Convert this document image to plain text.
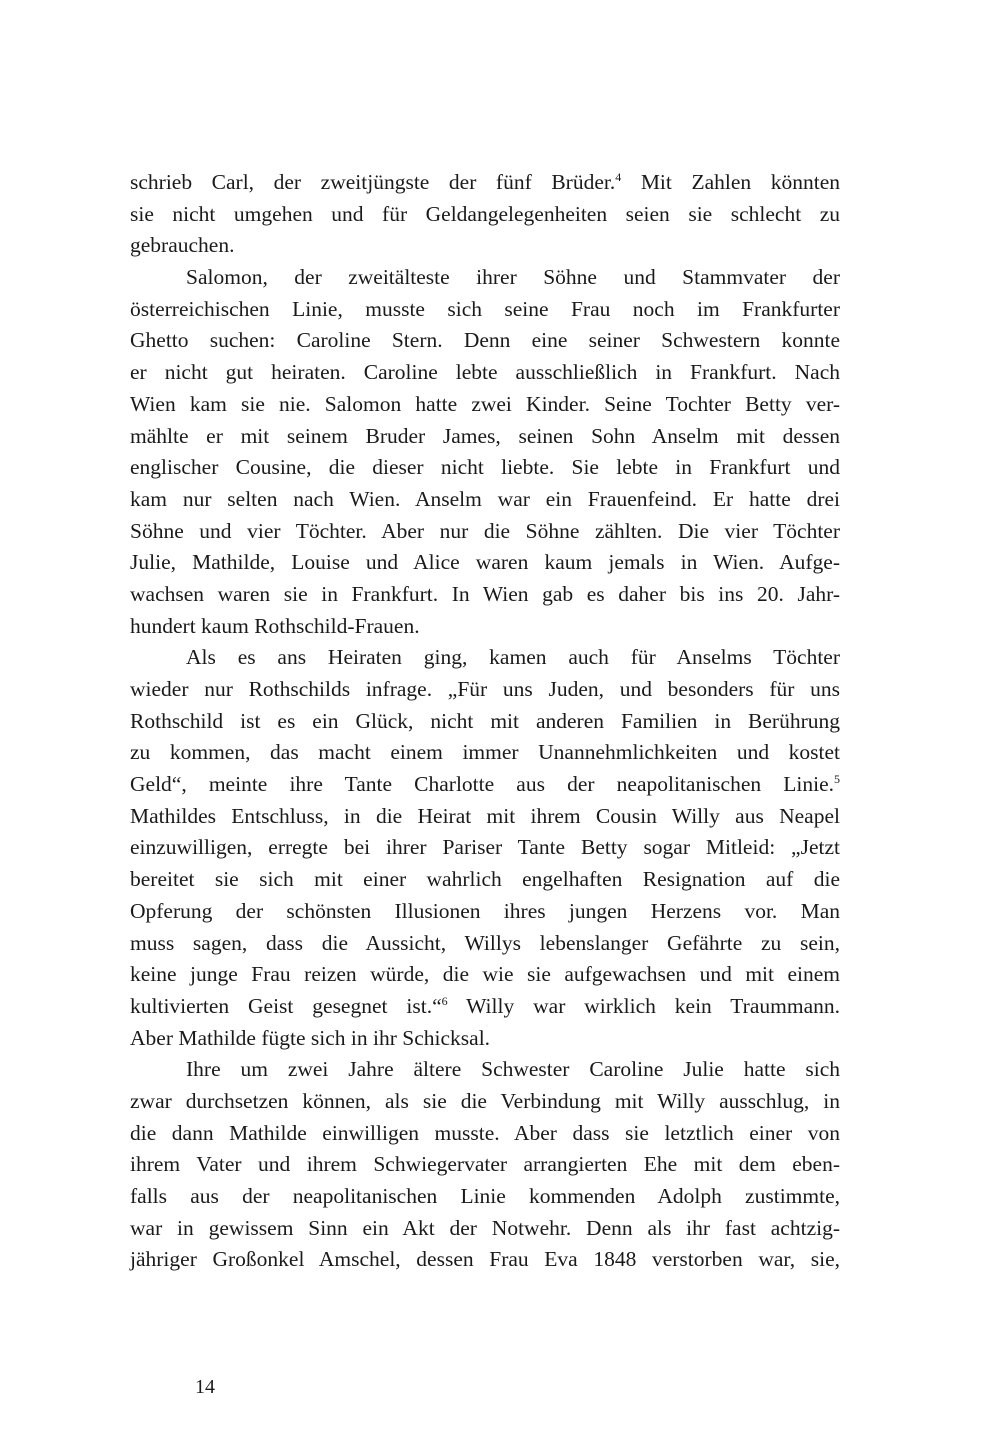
schrieb Carl, der zweitjüngste der fünf Brüder.$^4$ Mit Zahlen könnten
sie nicht umgehen und für Geldangelegenheiten seien sie schlecht zu
gebrauchen.
Salomon, der zweitälteste ihrer Söhne und Stammvater der
österreichischen Linie, musste sich seine Frau noch im Frankfurter
Ghetto suchen: Caroline Stern. Denn eine seiner Schwestern konnte
er nicht gut heiraten. Caroline lebte ausschließlich in Frankfurt. Nach
Wien kam sie nie. Salomon hatte zwei Kinder. Seine Tochter Betty ver-
mählte er mit seinem Bruder James, seinen Sohn Anselm mit dessen
englischer Cousine, die dieser nicht liebte. Sie lebte in Frankfurt und
kam nur selten nach Wien. Anselm war ein Frauenfeind. Er hatte drei
Söhne und vier Töchter. Aber nur die Söhne zählten. Die vier Töchter
Julie, Mathilde, Louise und Alice waren kaum jemals in Wien. Aufge-
wachsen waren sie in Frankfurt. In Wien gab es daher bis ins 20. Jahr-
hundert kaum Rothschild-Frauen.
Als es ans Heiraten ging, kamen auch für Anselms Töchter
wieder nur Rothschilds infrage. „Für uns Juden, und besonders für uns
Rothschild ist es ein Glück, nicht mit anderen Familien in Berührung
zu kommen, das macht einem immer Unannehmlichkeiten und kostet
Geld“, meinte ihre Tante Charlotte aus der neapolitanischen Linie.$^5$
Mathildes Entschluss, in die Heirat mit ihrem Cousin Willy aus Neapel
einzuwilligen, erregte bei ihrer Pariser Tante Betty sogar Mitleid: „Jetzt
bereitet sie sich mit einer wahrlich engelhaften Resignation auf die
Opferung der schönsten Illusionen ihres jungen Herzens vor. Man
muss sagen, dass die Aussicht, Willys lebenslanger Gefährte zu sein,
keine junge Frau reizen würde, die wie sie aufgewachsen und mit einem
kultivierten Geist gesegnet ist.“$^6$ Willy war wirklich kein Traummann.
Aber Mathilde fügte sich in ihr Schicksal.
Ihre um zwei Jahre ältere Schwester Caroline Julie hatte sich
zwar durchsetzen können, als sie die Verbindung mit Willy ausschlug, in
die dann Mathilde einwilligen musste. Aber dass sie letztlich einer von
ihrem Vater und ihrem Schwiegervater arrangierten Ehe mit dem eben-
falls aus der neapolitanischen Linie kommenden Adolph zustimmte,
war in gewissem Sinn ein Akt der Notwehr. Denn als ihr fast achtzig-
jähriger Großonkel Amschel, dessen Frau Eva 1848 verstorben war, sie,
14
